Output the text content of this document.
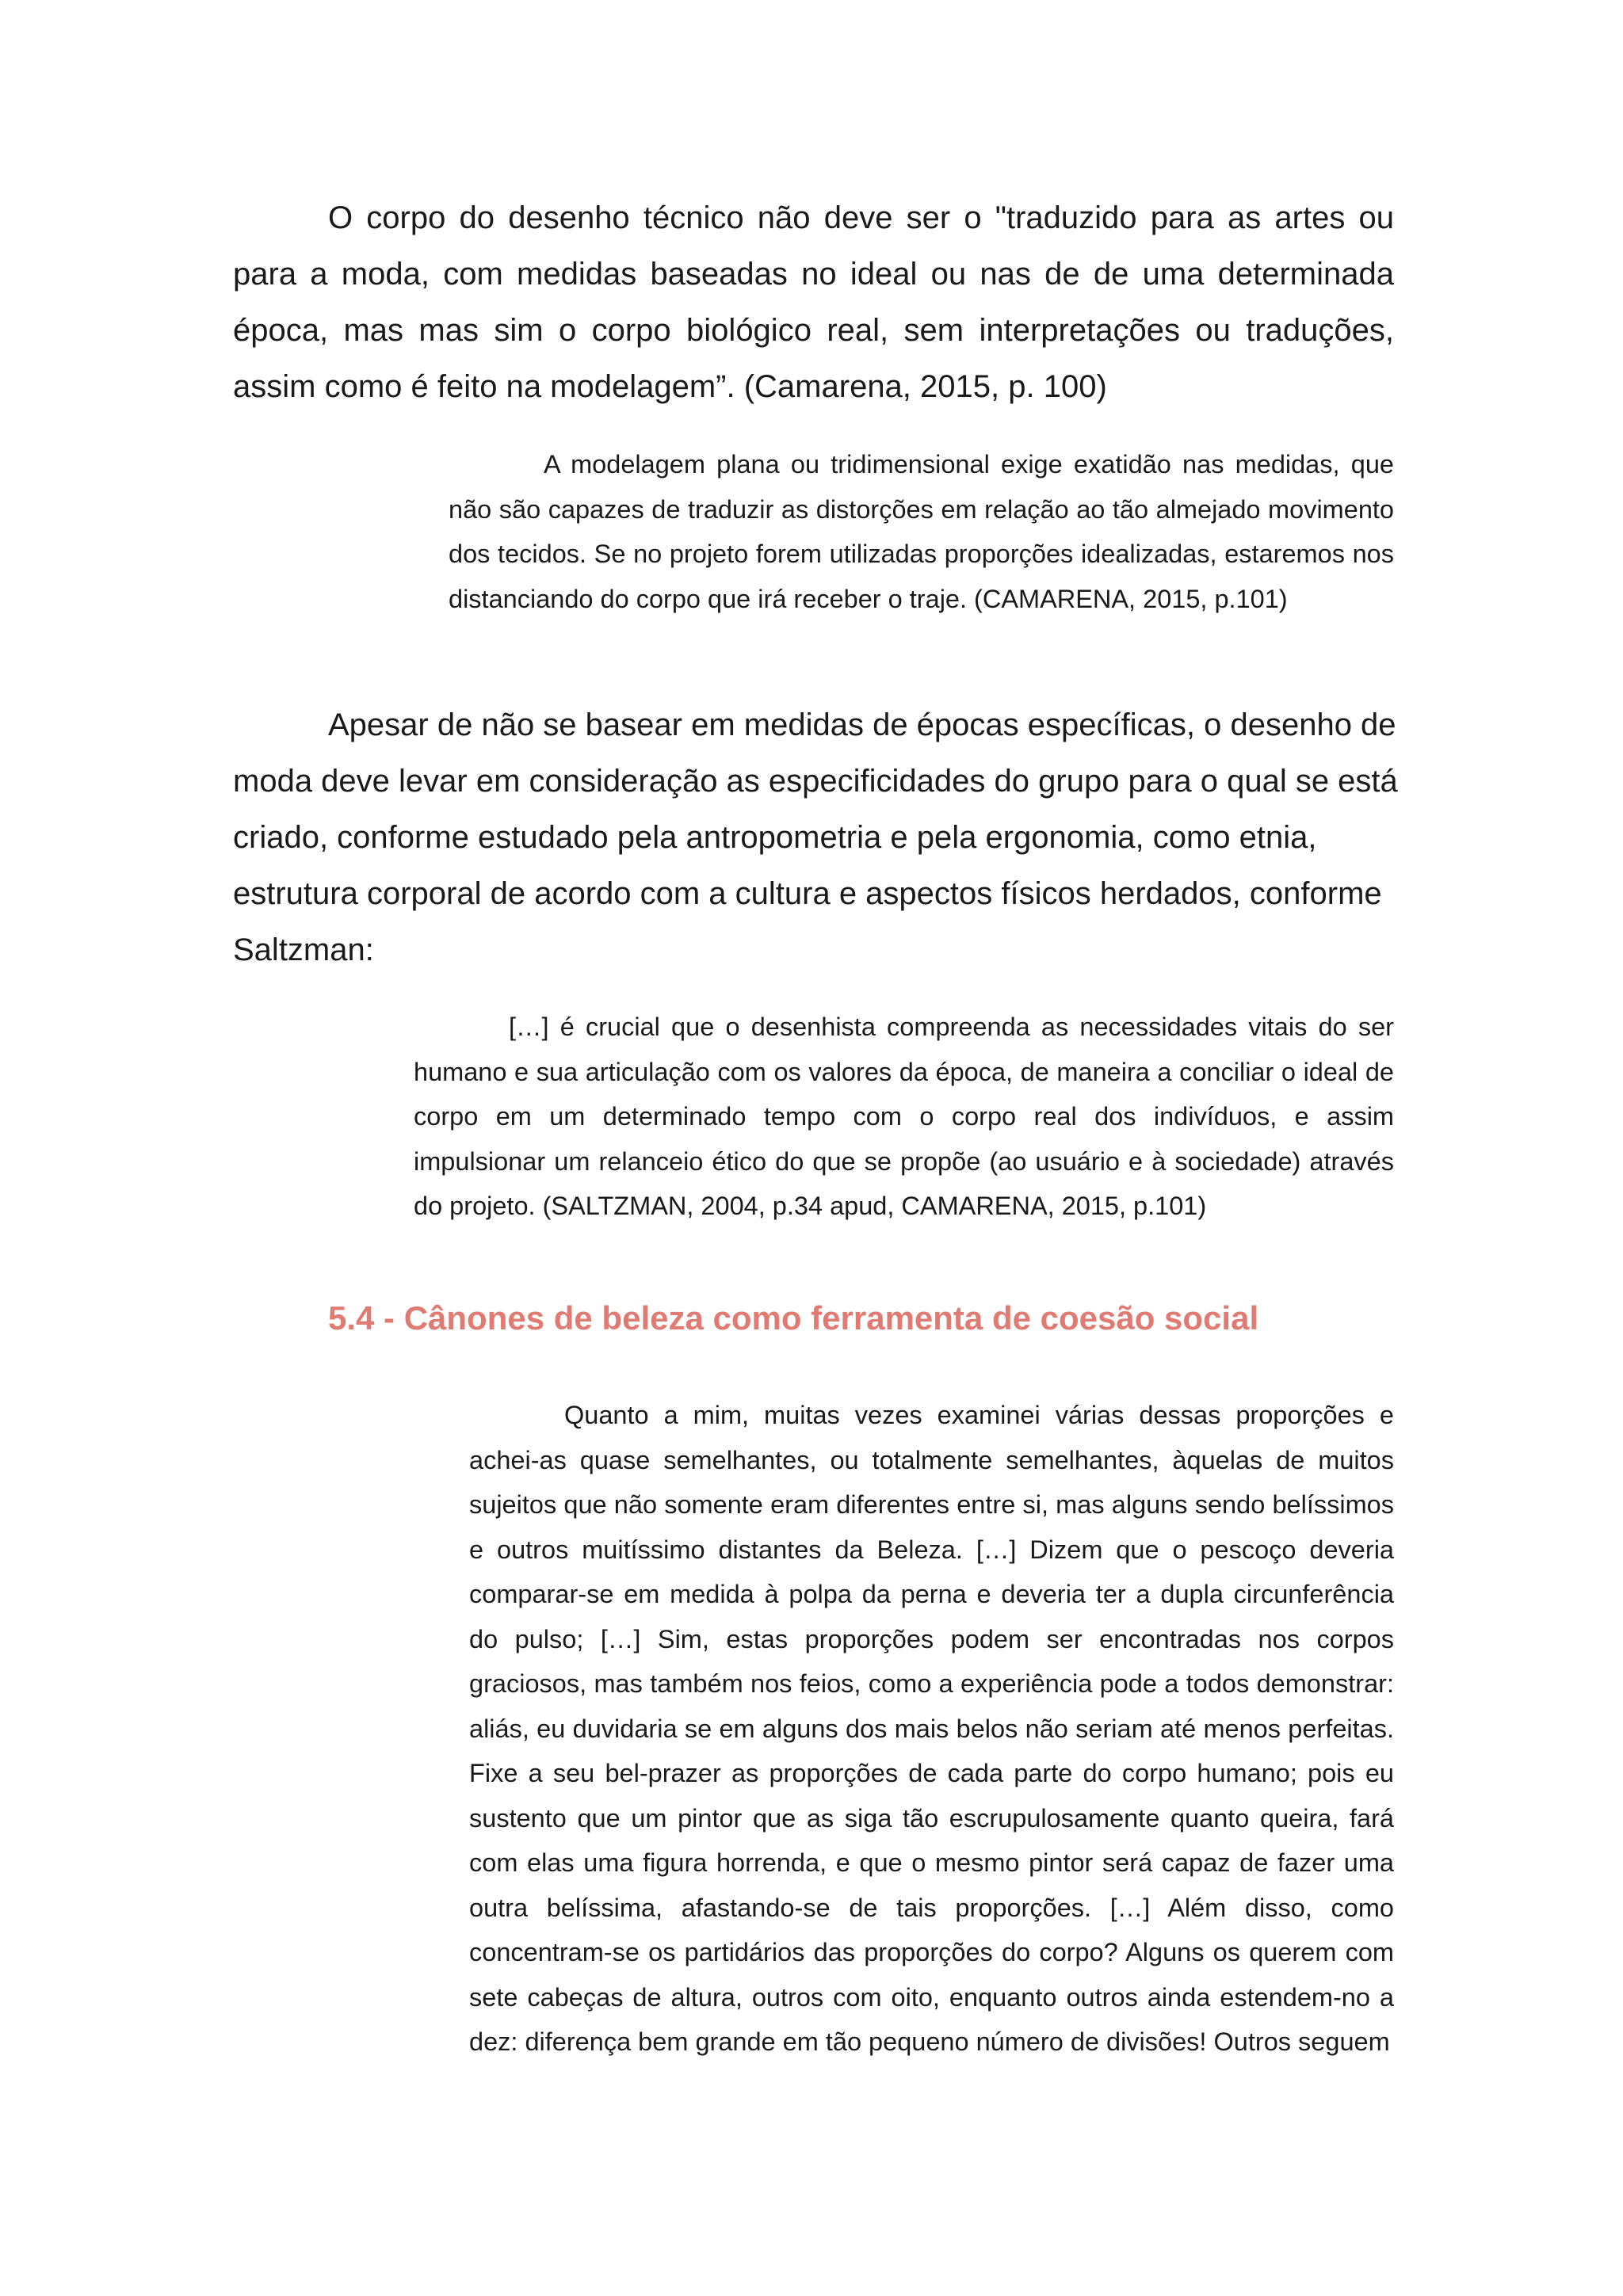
O corpo do desenho técnico não deve ser o "traduzido para as artes ou para a moda, com medidas baseadas no ideal ou nas de de uma determinada época, mas mas sim o corpo biológico real, sem interpretações ou traduções, assim como é feito na modelagem”. (Camarena, 2015, p. 100)

A modelagem plana ou tridimensional exige exatidão nas medidas, que não são capazes de traduzir as distorções em relação ao tão almejado movimento dos tecidos. Se no projeto forem utilizadas proporções idealizadas, estaremos nos distanciando do corpo que irá receber o traje. (CAMARENA, 2015, p.101)

Apesar de não se basear em medidas de épocas específicas, o desenho de moda deve levar em consideração as especificidades do grupo para o qual se está criado, conforme estudado pela antropometria e pela ergonomia, como etnia, estrutura corporal de acordo com a cultura e aspectos físicos herdados, conforme Saltzman:

[…] é crucial que o desenhista compreenda as necessidades vitais do ser humano e sua articulação com os valores da época, de maneira a conciliar o ideal de corpo em um determinado tempo com o corpo real dos indivíduos, e assim impulsionar um relanceio ético do que se propõe (ao usuário e à sociedade) através do projeto. (SALTZMAN, 2004, p.34 apud, CAMARENA, 2015, p.101)

5.4 - Cânones de beleza como ferramenta de coesão social

Quanto a mim, muitas vezes examinei várias dessas proporções e achei-as quase semelhantes, ou totalmente semelhantes, àquelas de muitos sujeitos que não somente eram diferentes entre si, mas alguns sendo belíssimos e outros muitíssimo distantes da Beleza. […] Dizem que o pescoço deveria comparar-se em medida à polpa da perna e deveria ter a dupla circunferência do pulso; […] Sim, estas proporções podem ser encontradas nos corpos graciosos, mas também nos feios, como a experiência pode a todos demonstrar: aliás, eu duvidaria se em alguns dos mais belos não seriam até menos perfeitas. Fixe a seu bel-prazer as proporções de cada parte do corpo humano; pois eu sustento que um pintor que as siga tão escrupulosamente quanto queira, fará com elas uma figura horrenda, e que o mesmo pintor será capaz de fazer uma outra belíssima, afastando-se de tais proporções. […] Além disso, como concentram-se os partidários das proporções do corpo? Alguns os querem com sete cabeças de altura, outros com oito, enquanto outros ainda estendem-no a dez: diferença bem grande em tão pequeno número de divisões! Outros seguem
